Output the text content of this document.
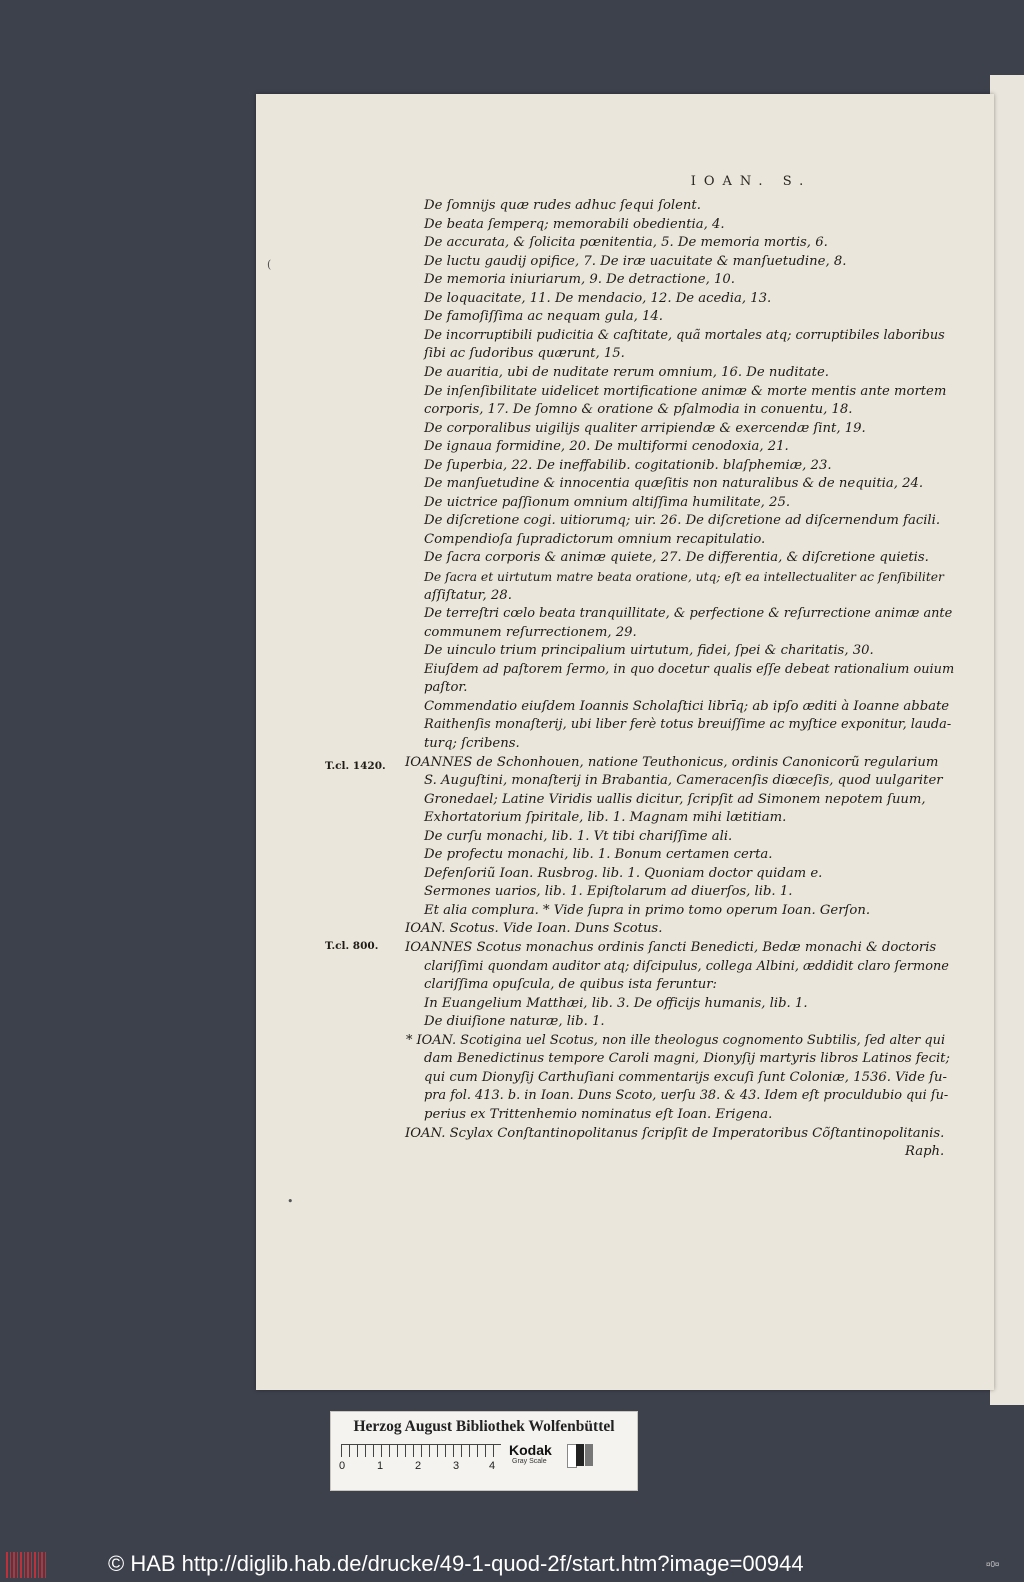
IOAN. S.
De ſomnijs quæ rudes adhuc ſequi ſolent.
De beata ſemperq; memorabili obedientia, 4.
De accurata, & ſolicita pœnitentia, 5. De memoria mortis, 6.
De luctu gaudij opifice, 7. De iræ uacuitate & manſuetudine, 8.
De memoria iniuriarum, 9. De detractione, 10.
De loquacitate, 11. De mendacio, 12. De acedia, 13.
De famoſiſſima ac nequam gula, 14.
De incorruptibili pudicitia & caſtitate, quã mortales atq; corruptibiles laboribus
ſibi ac ſudoribus quærunt, 15.
De auaritia, ubi de nuditate rerum omnium, 16. De nuditate.
De inſenſibilitate uidelicet mortificatione animæ & morte mentis ante mortem
corporis, 17. De ſomno & oratione & pſalmodia in conuentu, 18.
De corporalibus uigilijs qualiter arripiendæ & exercendæ ſint, 19.
De ignaua formidine, 20. De multiformi cenodoxia, 21.
De ſuperbia, 22. De ineffabilib. cogitationib. blaſphemiæ, 23.
De manſuetudine & innocentia quæſitis non naturalibus & de nequitia, 24.
De uictrice paſſionum omnium altiſſima humilitate, 25.
De diſcretione cogi. uitiorumq; uir. 26. De diſcretione ad diſcernendum facili.
Compendioſa ſupradictorum omnium recapitulatio.
De ſacra corporis & animæ quiete, 27. De differentia, & diſcretione quietis.
De ſacra et uirtutum matre beata oratione, utq; eſt ea intellectualiter ac ſenſibiliter
aſſiſtatur, 28.
De terreſtri cœlo beata tranquillitate, & perfectione & reſurrectione animæ ante
communem reſurrectionem, 29.
De uinculo trium principalium uirtutum, fidei, ſpei & charitatis, 30.
Eiuſdem ad paſtorem ſermo, in quo docetur qualis eſſe debeat rationalium ouium
paſtor.
Commendatio eiuſdem Ioannis Scholaſtici librīq; ab ipſo æditi à Ioanne abbate
Raithenſis monaſterij, ubi liber ferè totus breuiſſime ac myſtice exponitur, lauda-
turq; ſcribens.
IOANNES de Schonhouen, natione Teuthonicus, ordinis Canonicorũ regularium
S. Auguſtini, monaſterij in Brabantia, Cameracenſis diœceſis, quod uulgariter
Gronedael; Latine Viridis uallis dicitur, ſcripſit ad Simonem nepotem ſuum,
Exhortatorium ſpiritale, lib. 1. Magnam mihi lætitiam.
De curſu monachi, lib. 1. Vt tibi chariſſime ali.
De profectu monachi, lib. 1. Bonum certamen certa.
Defenſoriũ Ioan. Rusbrog. lib. 1. Quoniam doctor quidam e.
Sermones uarios, lib. 1. Epiſtolarum ad diuerſos, lib. 1.
Et alia complura. * Vide ſupra in primo tomo operum Ioan. Gerſon.
IOAN. Scotus. Vide Ioan. Duns Scotus.
IOANNES Scotus monachus ordinis ſancti Benedicti, Bedæ monachi & doctoris
clariſſimi quondam auditor atq; diſcipulus, collega Albini, æddidit claro ſermone
clariſſima opuſcula, de quibus ista feruntur:
In Euangelium Matthæi, lib. 3. De officijs humanis, lib. 1.
De diuiſione naturæ, lib. 1.
* IOAN. Scotigina uel Scotus, non ille theologus cognomento Subtilis, ſed alter qui
dam Benedictinus tempore Caroli magni, Dionyſij martyris libros Latinos fecit;
qui cum Dionyſij Carthuſiani commentarijs excuſi ſunt Coloniæ, 1536. Vide ſu-
pra fol. 413. b. in Ioan. Duns Scoto, uerſu 38. & 43. Idem eſt proculdubio qui ſu-
perius ex Trittenhemio nominatus eſt Ioan. Erigena.
IOAN. Scylax Conſtantinopolitanus ſcripſit de Imperatoribus Cõſtantinopolitanis.
Raph.
T.cl. 1420.
T.cl. 800.
(
•
Herzog August Bibliothek Wolfenbüttel
0	1	2	3	4
Kodak
Gray Scale
© HAB http://diglib.hab.de/drucke/49-1-quod-2f/start.htm?image=00944	¤0¤
